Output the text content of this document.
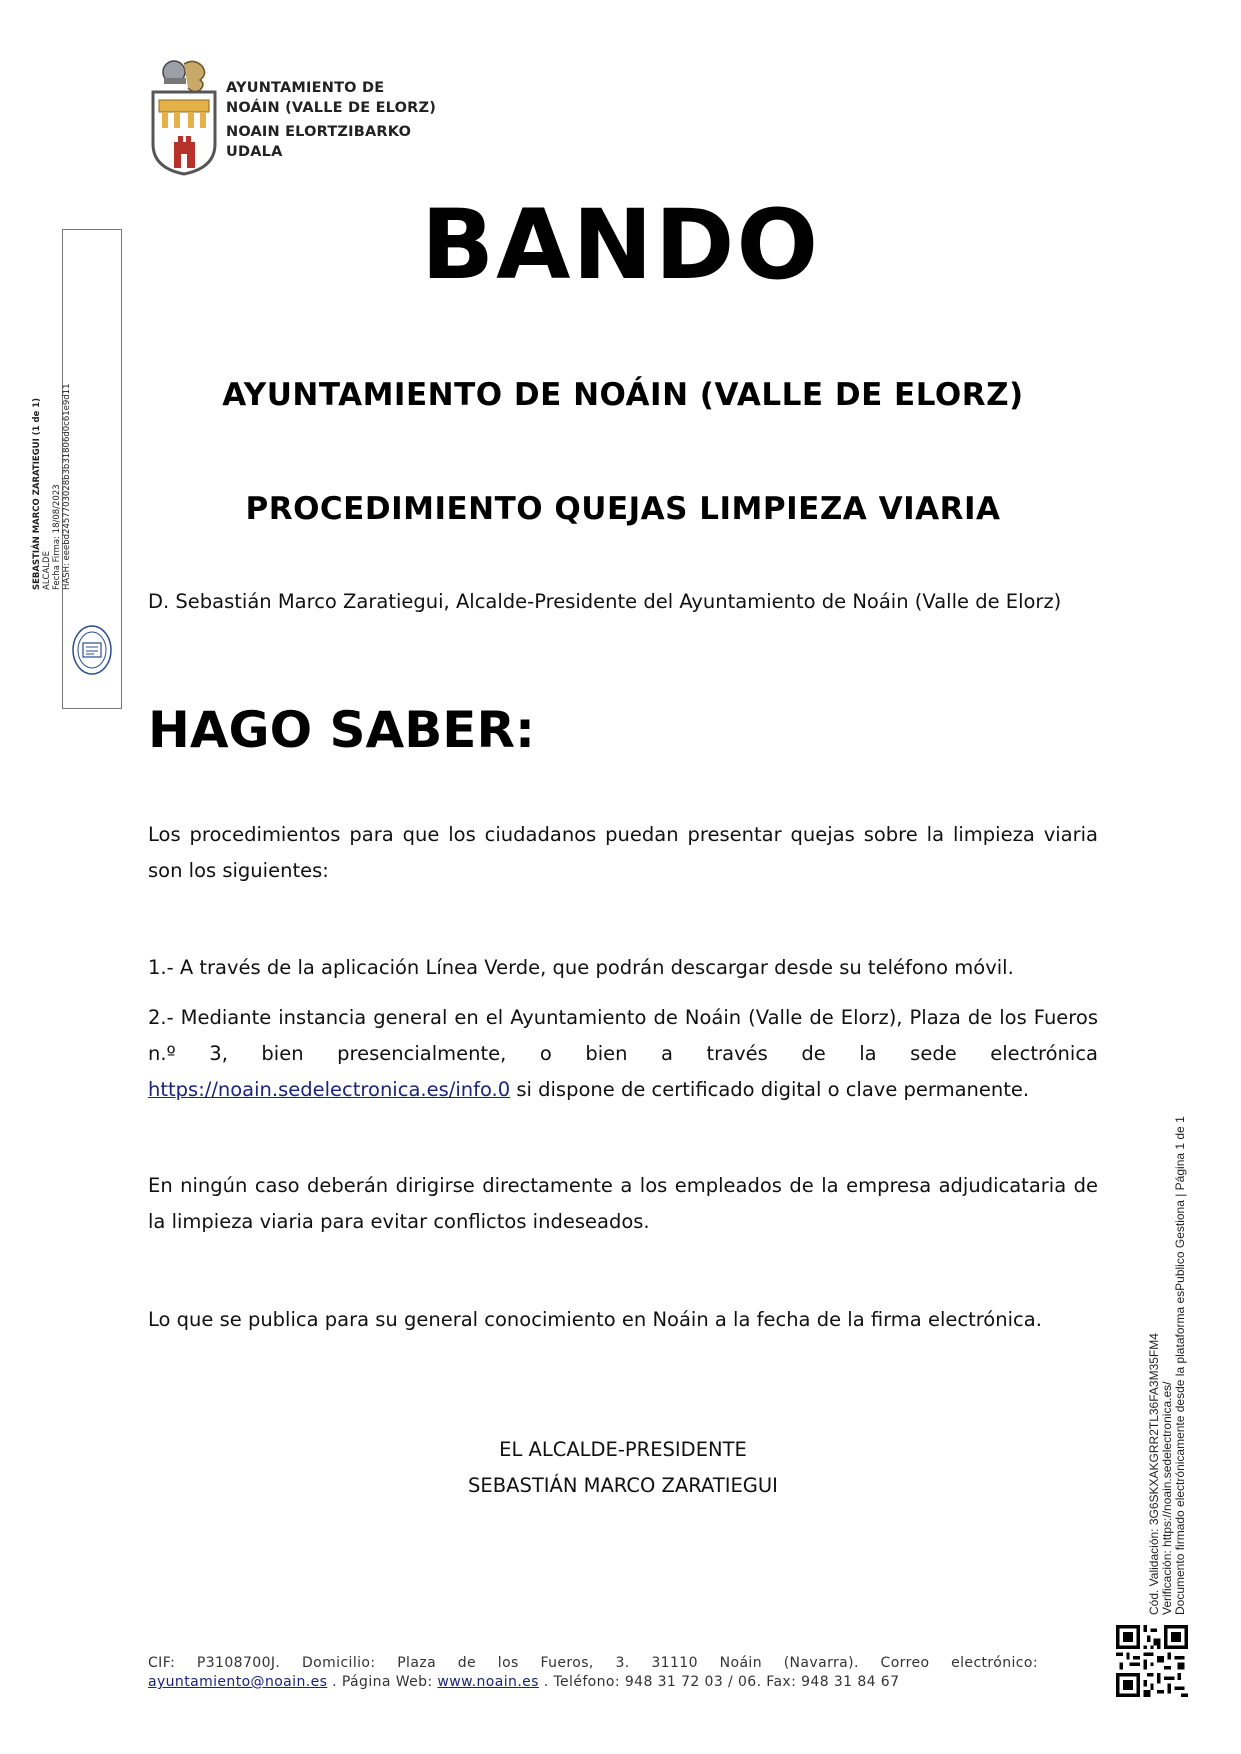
AYUNTAMIENTO DE
NOÁIN (VALLE DE ELORZ)
NOAIN ELORTZIBARKO
UDALA
SEBASTIÁN MARCO ZARATIEGUI (1 de 1) ALCALDE Fecha Firma: 18/08/2023 HASH: eeebd2457703028b3b31806d0c61e9d11
BANDO
AYUNTAMIENTO DE NOÁIN (VALLE DE ELORZ)
PROCEDIMIENTO QUEJAS LIMPIEZA VIARIA
D. Sebastián Marco Zaratiegui, Alcalde-Presidente del Ayuntamiento de Noáin (Valle de Elorz)
HAGO SABER:
Los procedimientos para que los ciudadanos puedan presentar quejas sobre la limpieza viaria son los siguientes:
1.- A través de la aplicación Línea Verde, que podrán descargar desde su teléfono móvil.
2.- Mediante instancia general en el Ayuntamiento de Noáin (Valle de Elorz), Plaza de los Fueros n.º 3, bien presencialmente, o bien a través de la sede electrónica https://noain.sedelectronica.es/info.0 si dispone de certificado digital o clave permanente.
En ningún caso deberán dirigirse directamente a los empleados de la empresa adjudicataria de la limpieza viaria para evitar conflictos indeseados.
Lo que se publica para su general conocimiento en Noáin a la fecha de la firma electrónica.
EL ALCALDE-PRESIDENTE
SEBASTIÁN MARCO ZARATIEGUI	Cód. Validación: 3G6SKXAKGRR2TL36FA3M35FM4 Verificación: https://noain.sedelectronica.es/ Documento firmado electrónicamente desde la plataforma esPublico Gestiona | Página 1 de 1
CIF: P3108700J. Domicilio: Plaza de los Fueros, 3. 31110 Noáin (Navarra). Correo electrónico:
ayuntamiento@noain.es . Página Web: www.noain.es . Teléfono: 948 31 72 03 / 06. Fax: 948 31 84 67
